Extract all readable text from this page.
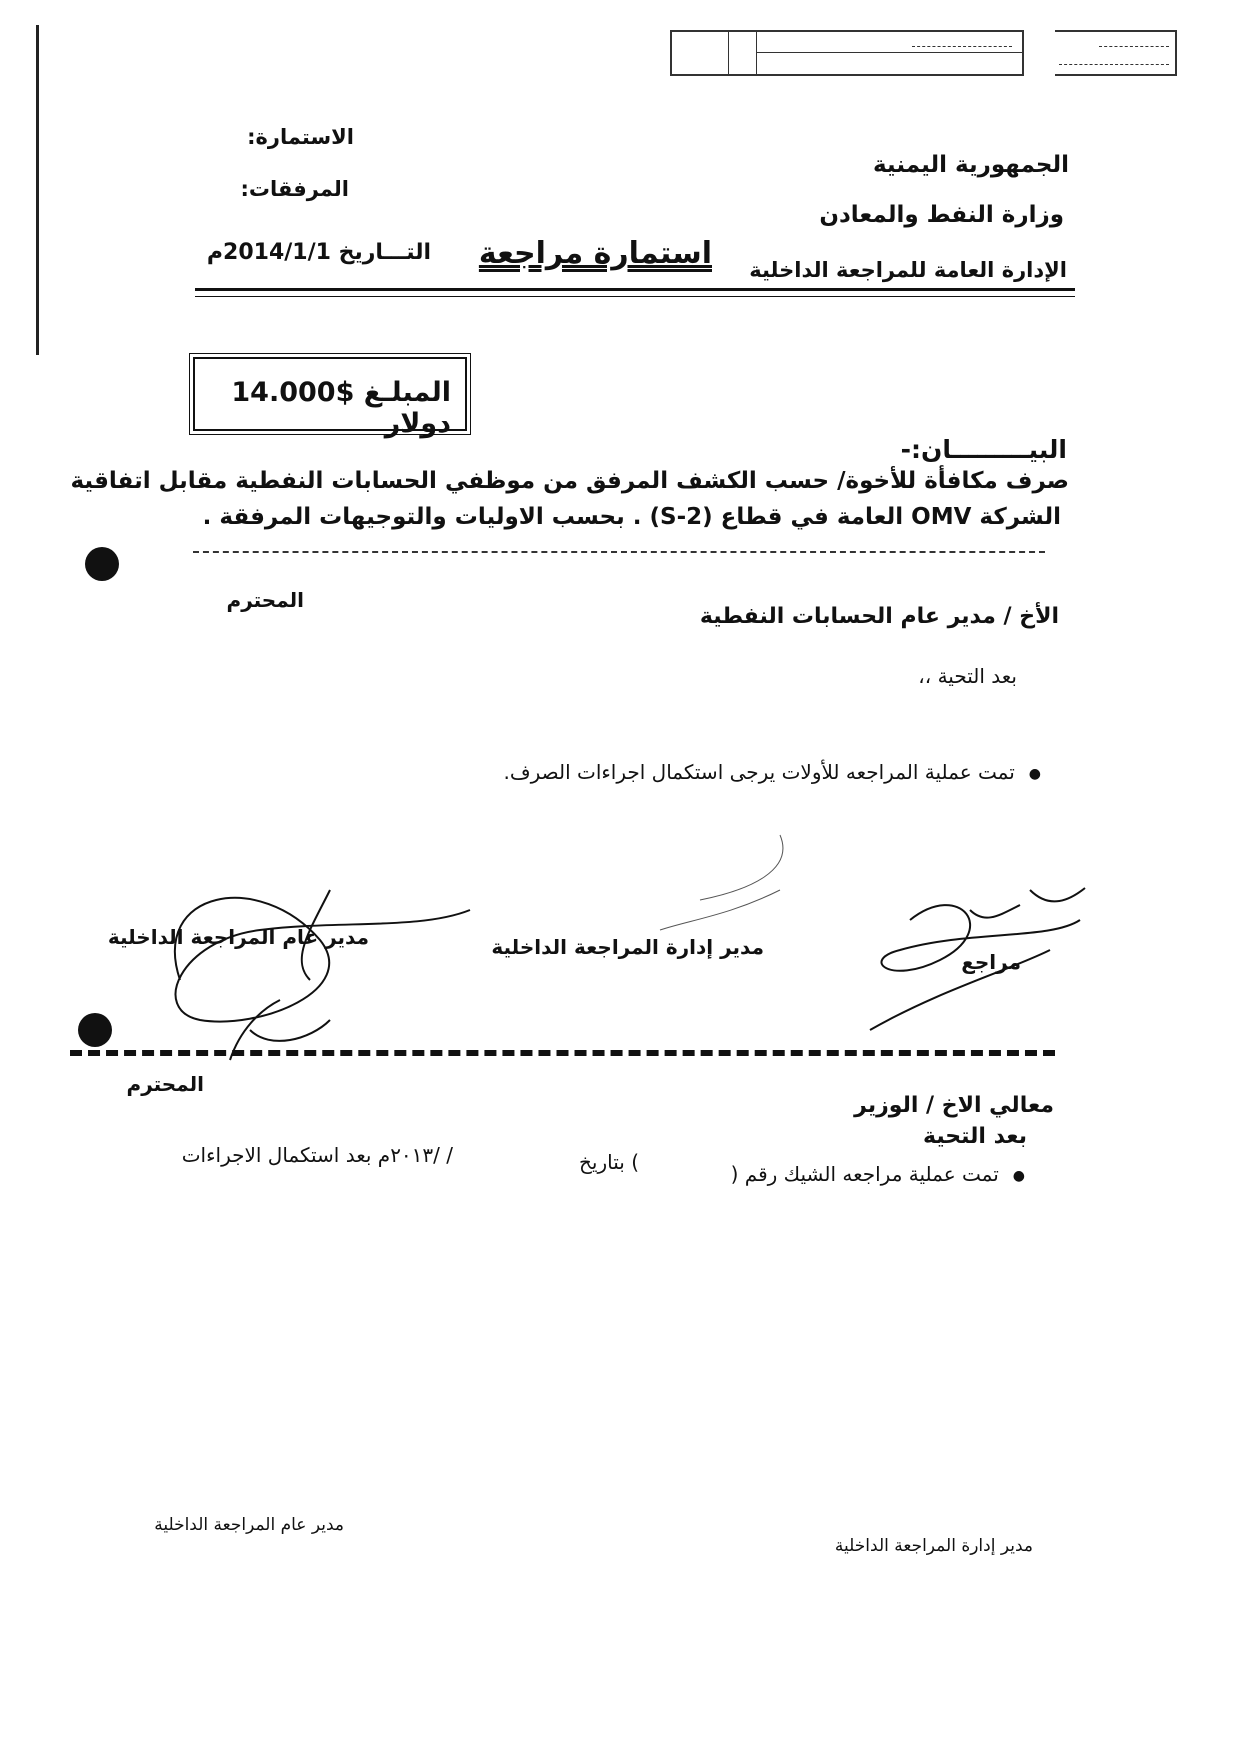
الاستمارة:
المرفقات:
الجمهورية اليمنية
وزارة النفط والمعادن
الإدارة العامة للمراجعة الداخلية
استمارة مراجعة
التـــاريخ 2014/1/1م
المبلـغ $14.000 دولار
البيـــــــــان:-
صرف مكافأة للأخوة/ حسب الكشف المرفق من موظفي الحسابات النفطية مقابل اتفاقية
الشركة OMV العامة في قطاع (S-2) . بحسب الاوليات والتوجيهات المرفقة .
المحترم
الأخ / مدير عام الحسابات النفطية
بعد التحية ،،
● تمت عملية المراجعه للأولات يرجى استكمال اجراءات الصرف.
مراجع
مدير إدارة المراجعة الداخلية
مدير عام المراجعة الداخلية
المحترم
معالي الاخ / الوزير
بعد التحية
● تمت عملية مراجعه الشيك رقم (
) بتاريخ
/ /٢٠١٣م بعد استكمال الاجراءات
مدير إدارة المراجعة الداخلية
مدير عام المراجعة الداخلية
